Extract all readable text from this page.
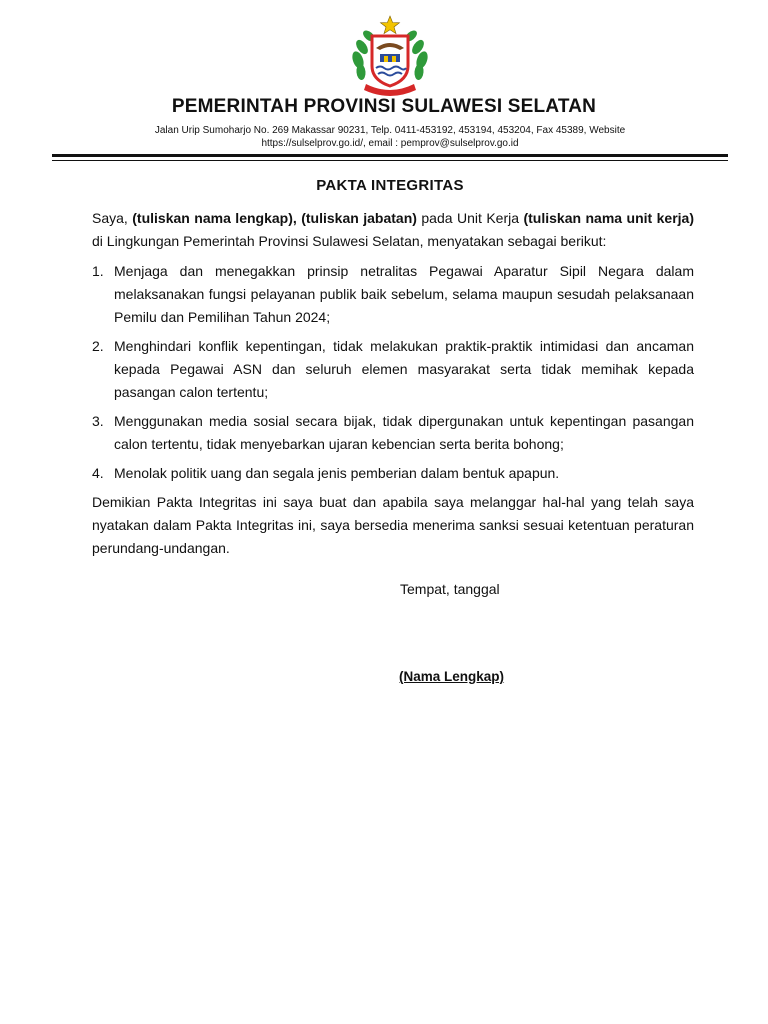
PEMERINTAH PROVINSI SULAWESI SELATAN
Jalan Urip Sumoharjo No. 269 Makassar 90231, Telp. 0411-453192, 453194, 453204, Fax 45389, Website
https://sulselprov.go.id/, email : pemprov@sulselprov.go.id
PAKTA INTEGRITAS

Saya, (tuliskan nama lengkap), (tuliskan jabatan) pada Unit Kerja (tuliskan nama unit kerja) di Lingkungan Pemerintah Provinsi Sulawesi Selatan, menyatakan sebagai berikut:

1. Menjaga dan menegakkan prinsip netralitas Pegawai Aparatur Sipil Negara dalam melaksanakan fungsi pelayanan publik baik sebelum, selama maupun sesudah pelaksanaan Pemilu dan Pemilihan Tahun 2024;
2. Menghindari konflik kepentingan, tidak melakukan praktik-praktik intimidasi dan ancaman kepada Pegawai ASN dan seluruh elemen masyarakat serta tidak memihak kepada pasangan calon tertentu;
3. Menggunakan media sosial secara bijak, tidak dipergunakan untuk kepentingan pasangan calon tertentu, tidak menyebarkan ujaran kebencian serta berita bohong;
4. Menolak politik uang dan segala jenis pemberian dalam bentuk apapun.

Demikian Pakta Integritas ini saya buat dan apabila saya melanggar hal-hal yang telah saya nyatakan dalam Pakta Integritas ini, saya bersedia menerima sanksi sesuai ketentuan peraturan perundang-undangan.

Tempat, tanggal
(Nama Lengkap)
